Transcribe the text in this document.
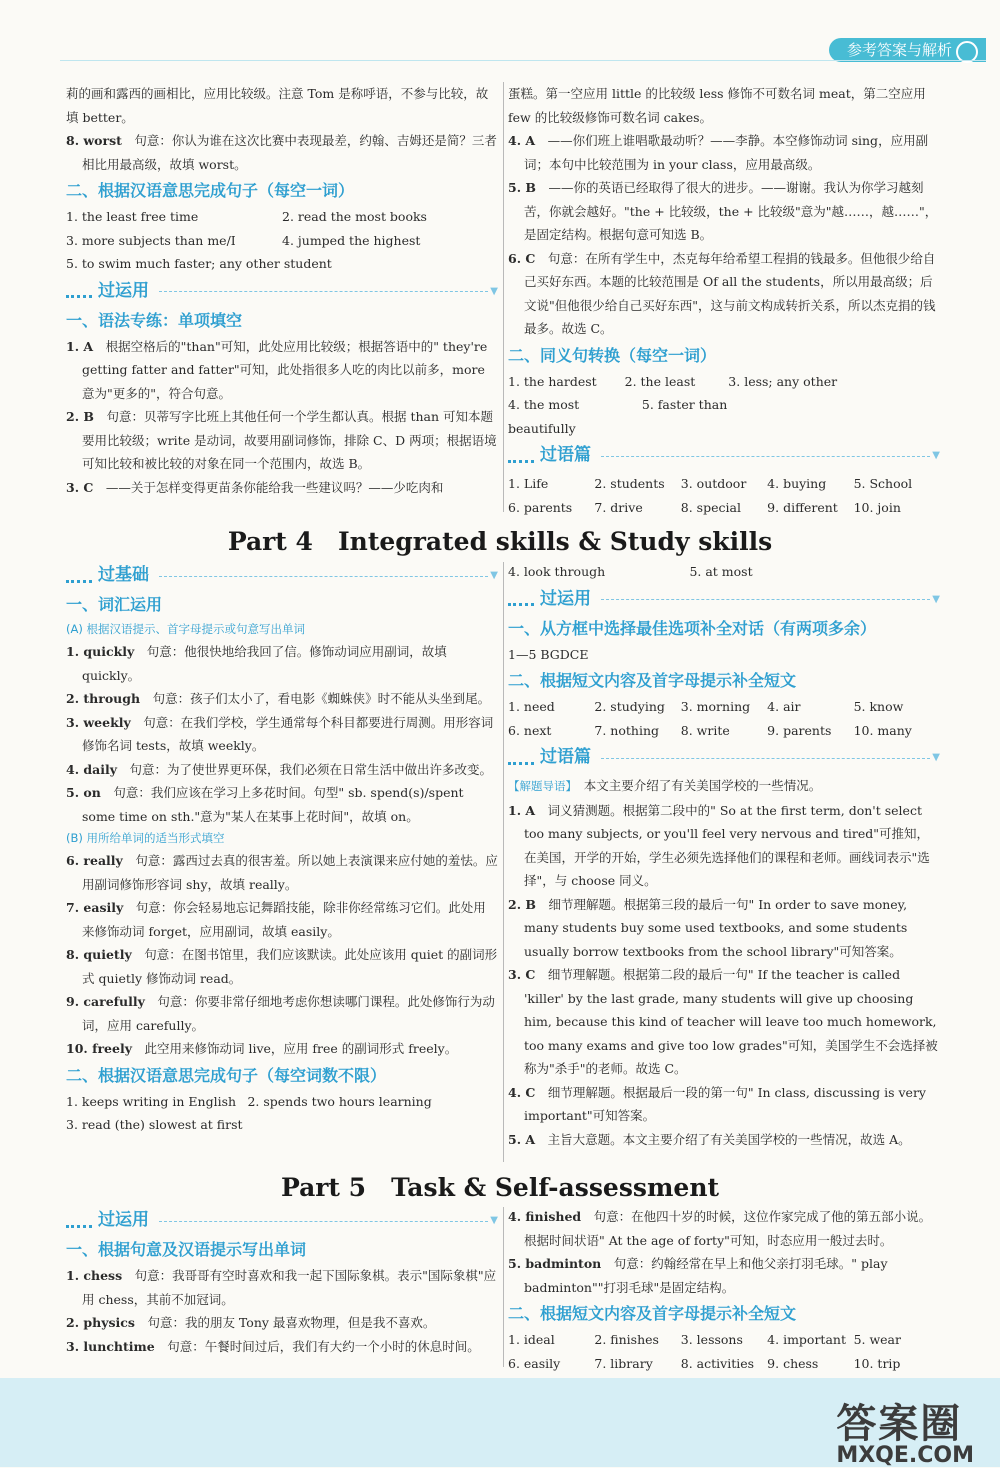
参考答案与解析

莉的画和露西的画相比，应用比较级。注意 Tom 是称呼语，不参与比较，故填 better。

8. worst　 句意：你认为谁在这次比赛中表现最差，约翰、吉姆还是简？三者相比用最高级，故填 worst。

二、根据汉语意思完成句子（每空一词）
1. the least free time	2. read the most books
3. more subjects than me/I	4. jumped the highest
5. to swim much faster; any other student
过运用	▼
一、语法专练：单项填空

1. A　 根据空格后的"than"可知，此处应用比较级；根据答语中的" they're getting fatter and fatter"可知，此处指很多人吃的肉比以前多，more 意为"更多的"，符合句意。

2. B　 句意：贝蒂写字比班上其他任何一个学生都认真。根据 than 可知本题要用比较级；write 是动词，故要用副词修饰，排除 C、D 两项；根据语境可知比较和被比较的对象在同一个范围内，故选 B。

3. C　 ——关于怎样变得更苗条你能给我一些建议吗？——少吃肉和

蛋糕。第一空应用 little 的比较级 less 修饰不可数名词 meat，第二空应用 few 的比较级修饰可数名词 cakes。

4. A　 ——你们班上谁唱歌最动听？——李静。本空修饰动词 sing，应用副词；本句中比较范围为 in your class，应用最高级。

5. B　 ——你的英语已经取得了很大的进步。——谢谢。我认为你学习越刻苦，你就会越好。"the + 比较级，the + 比较级"意为"越……，越……"，是固定结构。根据句意可知选 B。

6. C　 句意：在所有学生中，杰克每年给希望工程捐的钱最多。但他很少给自己买好东西。本题的比较范围是 Of all the students，所以用最高级；后文说"但他很少给自己买好东西"，这与前文构成转折关系，所以杰克捐的钱最多。故选 C。

二、同义句转换（每空一词）
1. the hardest	2. the least	3. less; any other
4. the most beautifully
5. faster than
过语篇	▼
1. Life	2. students	3. outdoor	4. buying	5. School
6. parents	7. drive	8. special	9. different	10. join
Part 4　Integrated skills & Study skills
过基础	▼
一、词汇运用
(A) 根据汉语提示、首字母提示或句意写出单词

1. quickly　 句意：他很快地给我回了信。修饰动词应用副词，故填 quickly。

2. through　 句意：孩子们太小了，看电影《蜘蛛侠》时不能从头坐到尾。

3. weekly　 句意：在我们学校，学生通常每个科目都要进行周测。用形容词修饰名词 tests，故填 weekly。

4. daily　 句意：为了使世界更环保，我们必须在日常生活中做出许多改变。

5. on　 句意：我们应该在学习上多花时间。句型" sb. spend(s)/spent some time on sth."意为"某人在某事上花时间"，故填 on。

(B) 用所给单词的适当形式填空

6. really　 句意：露西过去真的很害羞。所以她上表演课来应付她的羞怯。应用副词修饰形容词 shy，故填 really。

7. easily　 句意：你会轻易地忘记舞蹈技能，除非你经常练习它们。此处用来修饰动词 forget，应用副词，故填 easily。

8. quietly　 句意：在图书馆里，我们应该默读。此处应该用 quiet 的副词形式 quietly 修饰动词 read。

9. carefully　 句意：你要非常仔细地考虑你想读哪门课程。此处修饰行为动词，应用 carefully。

10. freely　 此空用来修饰动词 live，应用 free 的副词形式 freely。

二、根据汉语意思完成句子（每空词数不限）
1. keeps writing in English 2. spends two hours learning
3. read (the) slowest at first
4. look through	5. at most
过运用	▼
一、从方框中选择最佳选项补全对话（有两项多余）

1—5 BGDCE

二、根据短文内容及首字母提示补全短文
1. need	2. studying	3. morning	4. air	5. know
6. next	7. nothing	8. write	9. parents	10. many
过语篇	▼

【解题导语】　 本文主要介绍了有关美国学校的一些情况。

1. A　 词义猜测题。根据第二段中的" So at the first term, don't select too many subjects, or you'll feel very nervous and tired"可推知，在美国，开学的开始，学生必须先选择他们的课程和老师。画线词表示"选择"，与 choose 同义。

2. B　 细节理解题。根据第三段的最后一句" In order to save money, many students buy some used textbooks, and some students usually borrow textbooks from the school library"可知答案。

3. C　 细节理解题。根据第二段的最后一句" If the teacher is called 'killer' by the last grade, many students will give up choosing him, because this kind of teacher will leave too much homework, too many exams and give too low grades"可知，美国学生不会选择被称为"杀手"的老师。故选 C。

4. C　 细节理解题。根据最后一段的第一句" In class, discussing is very important"可知答案。

5. A　 主旨大意题。本文主要介绍了有关美国学校的一些情况，故选 A。

Part 5　Task & Self-assessment
过运用	▼
一、根据句意及汉语提示写出单词

1. chess　 句意：我哥哥有空时喜欢和我一起下国际象棋。表示"国际象棋"应用 chess，其前不加冠词。

2. physics　 句意：我的朋友 Tony 最喜欢物理，但是我不喜欢。

3. lunchtime　 句意：午餐时间过后，我们有大约一个小时的休息时间。

4. finished　 句意：在他四十岁的时候，这位作家完成了他的第五部小说。根据时间状语" At the age of forty"可知，时态应用一般过去时。

5. badminton　 句意：约翰经常在早上和他父亲打羽毛球。" play badminton""打羽毛球"是固定结构。

二、根据短文内容及首字母提示补全短文
1. ideal	2. finishes	3. lessons	4. important 5. wear
6. easily	7. library	8. activities	9. chess	10. trip
答案圈
MXQE.COM
